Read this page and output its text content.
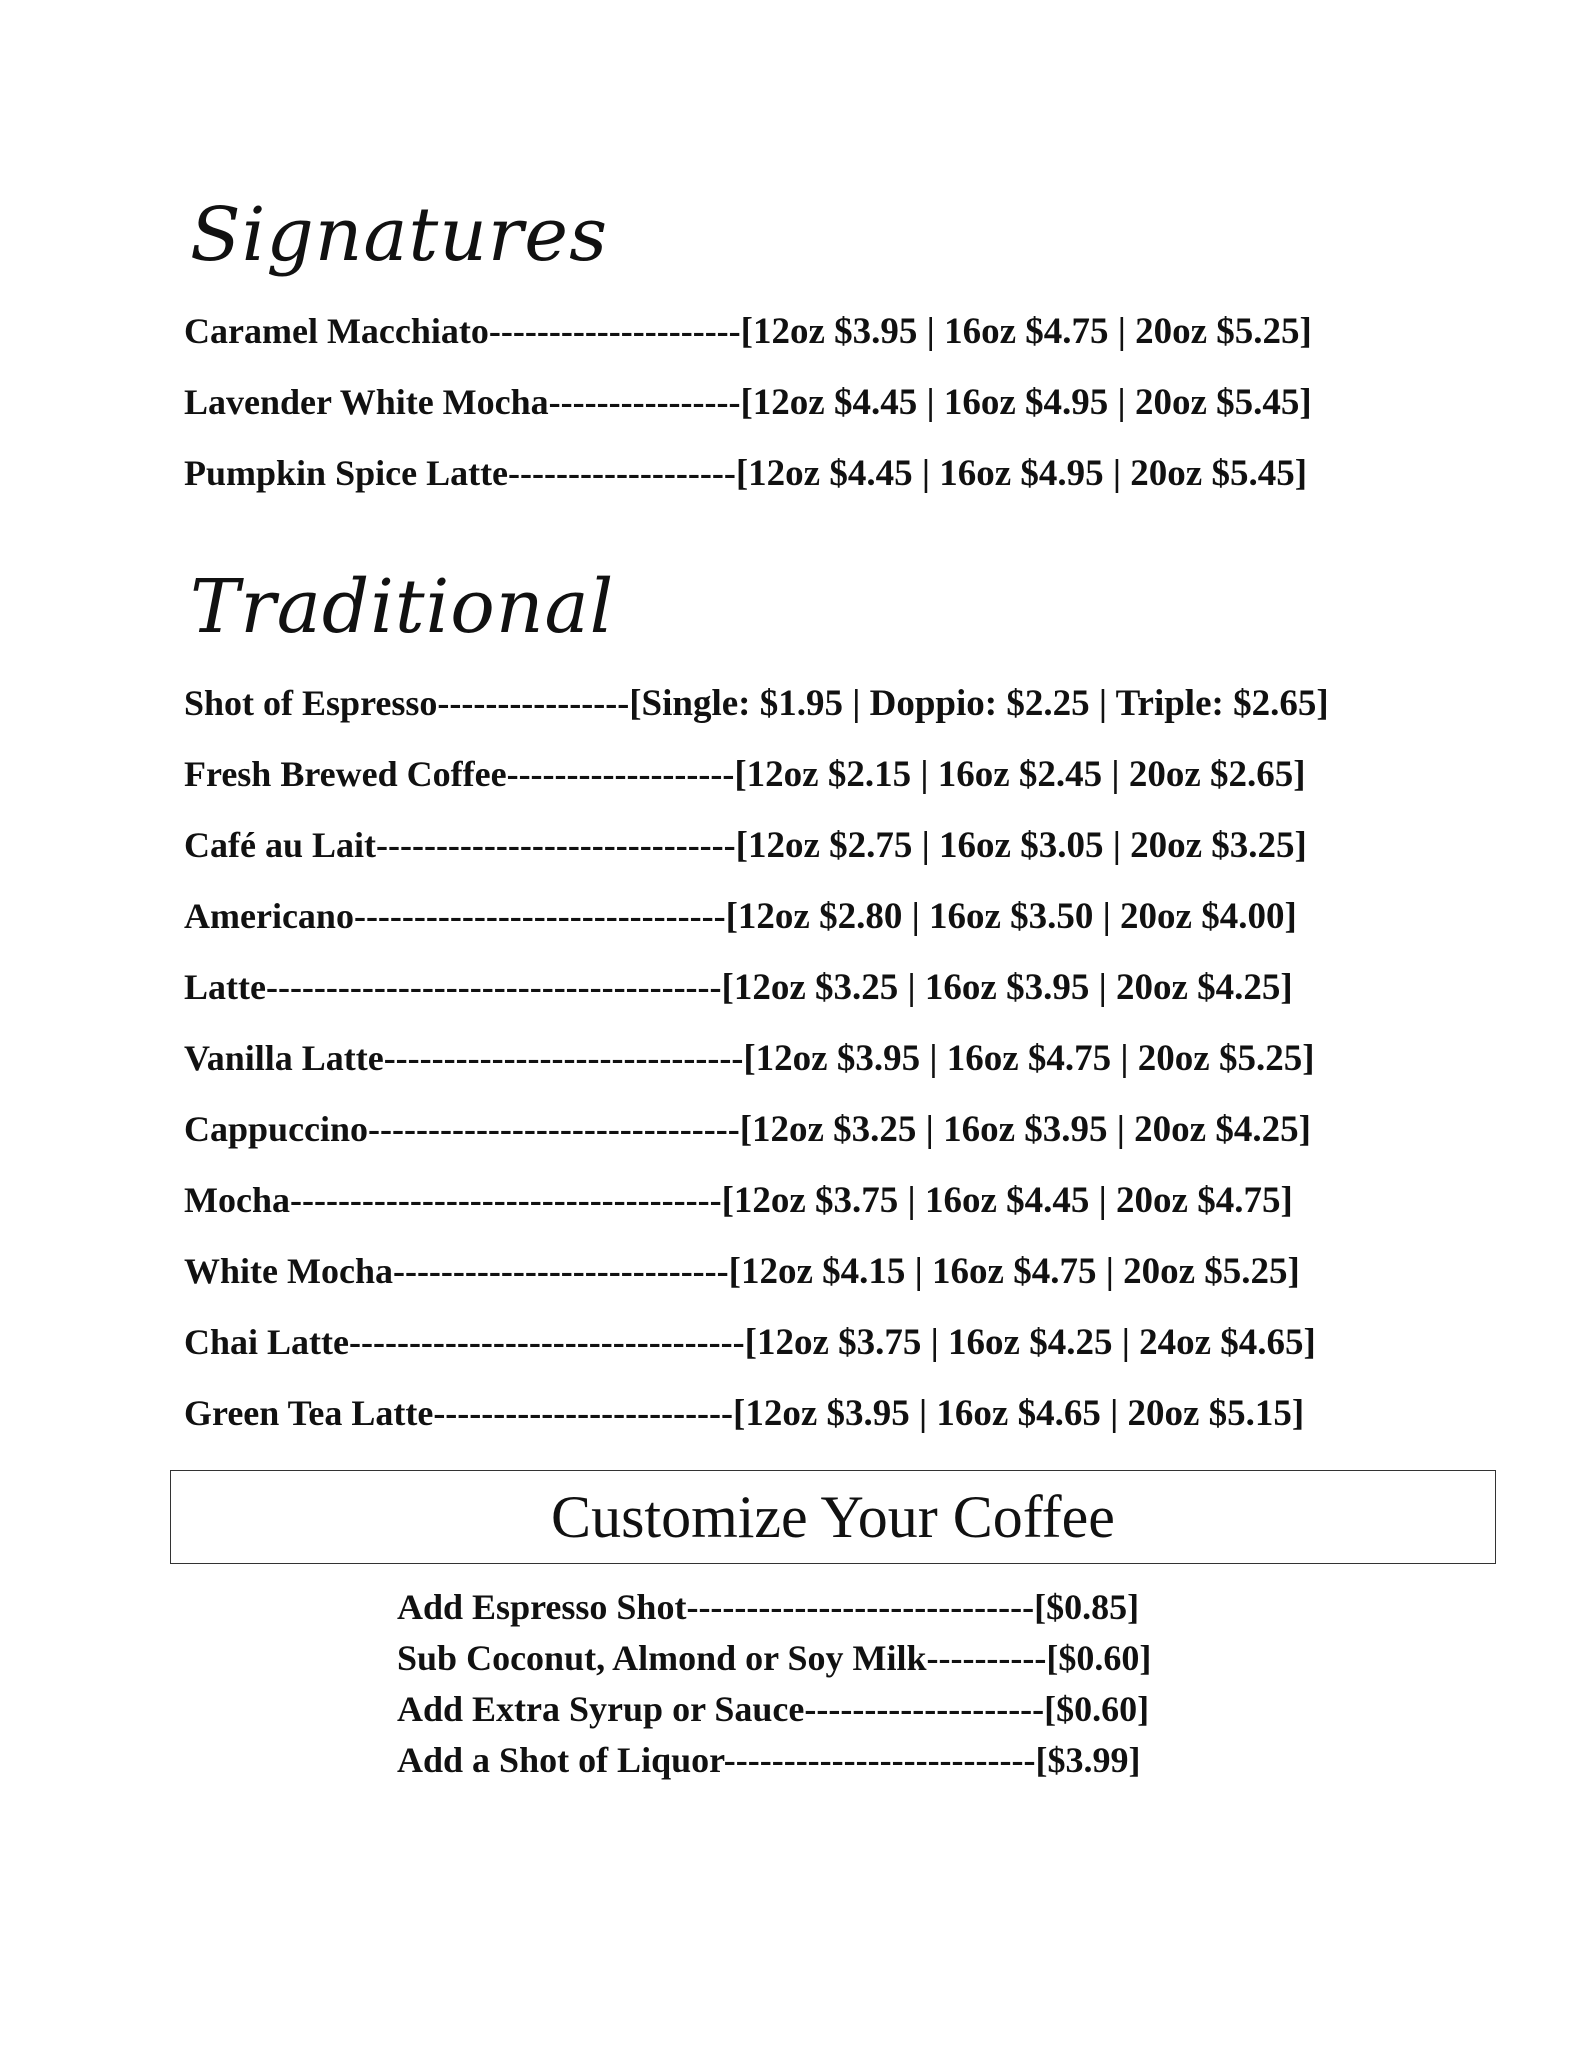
Signatures
Caramel Macchiato---------------------[12oz $3.95 | 16oz $4.75 | 20oz $5.25]
Lavender White Mocha----------------[12oz $4.45 | 16oz $4.95 | 20oz $5.45]
Pumpkin Spice Latte-------------------[12oz $4.45 | 16oz $4.95 | 20oz $5.45]
Traditional
Shot of Espresso----------------[Single: $1.95 | Doppio: $2.25 | Triple: $2.65]
Fresh Brewed Coffee-------------------[12oz $2.15 | 16oz $2.45 | 20oz $2.65]
Café au Lait------------------------------[12oz $2.75 | 16oz $3.05 | 20oz $3.25]
Americano-------------------------------[12oz $2.80 | 16oz $3.50 | 20oz $4.00]
Latte--------------------------------------[12oz $3.25 | 16oz $3.95 | 20oz $4.25]
Vanilla Latte------------------------------[12oz $3.95 | 16oz $4.75 | 20oz $5.25]
Cappuccino-------------------------------[12oz $3.25 | 16oz $3.95 | 20oz $4.25]
Mocha------------------------------------[12oz $3.75 | 16oz $4.45 | 20oz $4.75]
White Mocha----------------------------[12oz $4.15 | 16oz $4.75 | 20oz $5.25]
Chai Latte---------------------------------[12oz $3.75 | 16oz $4.25 | 24oz $4.65]
Green Tea Latte-------------------------[12oz $3.95 | 16oz $4.65 | 20oz $5.15]
Customize Your Coffee
Add Espresso Shot-----------------------------[$0.85]
Sub Coconut, Almond or Soy Milk----------[$0.60]
Add Extra Syrup or Sauce--------------------[$0.60]
Add a Shot of Liquor--------------------------[$3.99]
